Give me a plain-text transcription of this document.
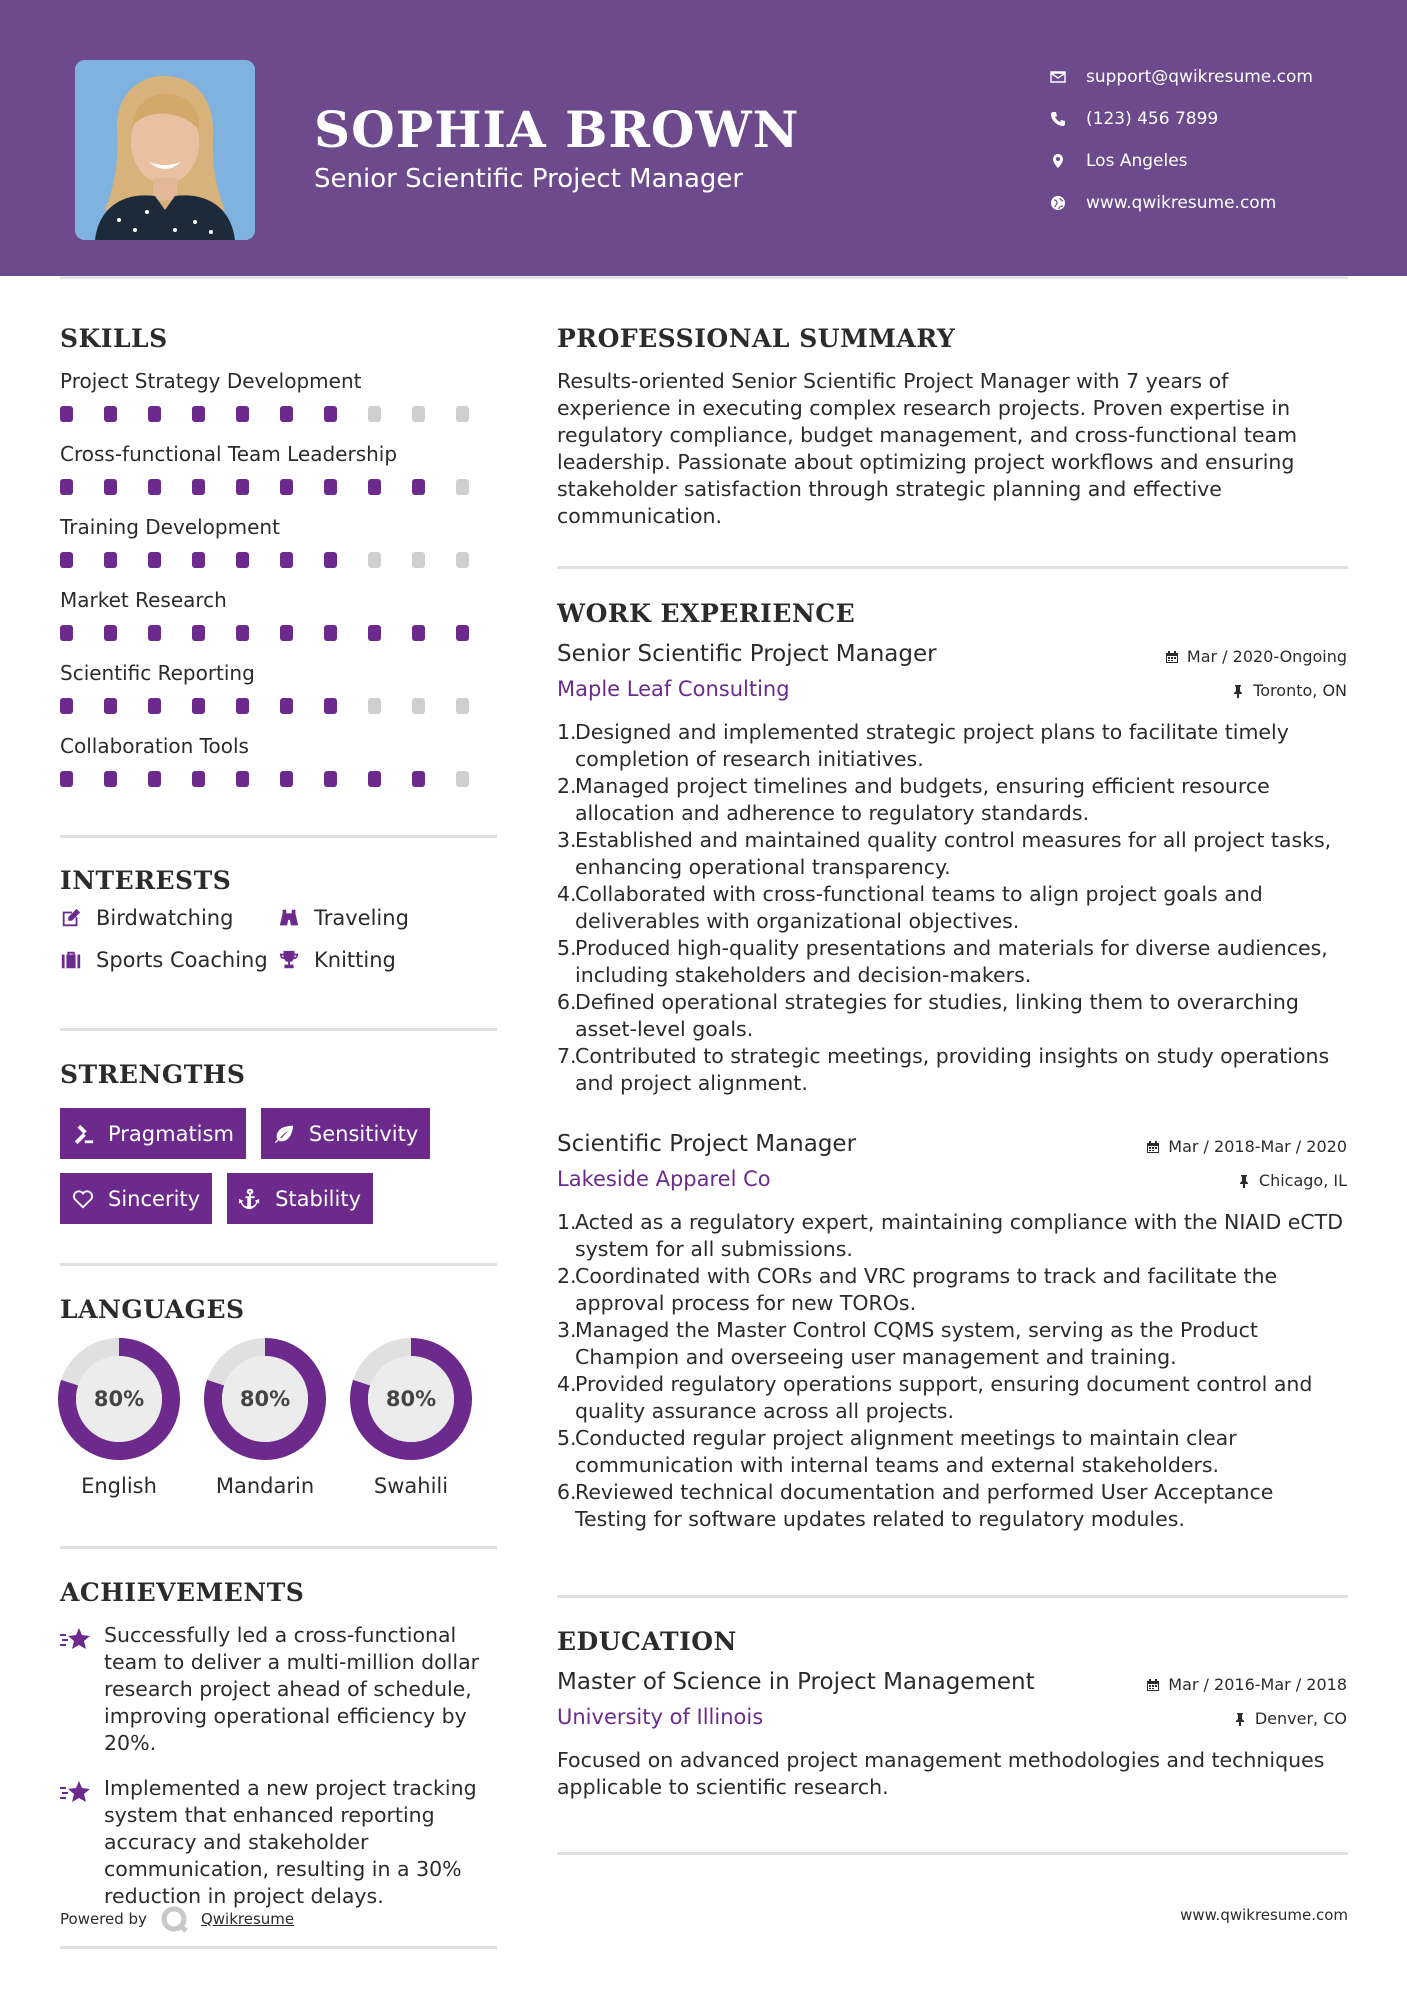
SOPHIA BROWN
Senior Scientific Project Manager
support@qwikresume.com
(123) 456 7899
Los Angeles
www.qwikresume.com
SKILLS
Project Strategy Development
Cross-functional Team Leadership
Training Development
Market Research
Scientific Reporting
Collaboration Tools
INTERESTS
Birdwatching	Traveling
Sports Coaching Knitting
STRENGTHS
Pragmatism	Sensitivity
Sincerity	Stability
LANGUAGES
80%
English
80%
Mandarin
80%
Swahili
ACHIEVEMENTS
Successfully led a cross-functional team to deliver a multi-million dollar research project ahead of schedule, improving operational efficiency by 20%.
Implemented a new project tracking system that enhanced reporting accuracy and stakeholder communication, resulting in a 30% reduction in project delays.
Powered by	Qwikresume
PROFESSIONAL SUMMARY
Results-oriented Senior Scientific Project Manager with 7 years of experience in executing complex research projects. Proven expertise in regulatory compliance, budget management, and cross-functional team leadership. Passionate about optimizing project workflows and ensuring stakeholder satisfaction through strategic planning and effective communication.
WORK EXPERIENCE
Senior Scientific Project Manager	Mar / 2020-Ongoing
Maple Leaf Consulting	Toronto, ON
1.
Designed and implemented strategic project plans to facilitate timely completion of research initiatives.
2.
Managed project timelines and budgets, ensuring efficient resource allocation and adherence to regulatory standards.
3.
Established and maintained quality control measures for all project tasks, enhancing operational transparency.
4.
Collaborated with cross-functional teams to align project goals and deliverables with organizational objectives.
5.
Produced high-quality presentations and materials for diverse audiences, including stakeholders and decision-makers.
6.
Defined operational strategies for studies, linking them to overarching asset-level goals.
7.
Contributed to strategic meetings, providing insights on study operations and project alignment.
Scientific Project Manager	Mar / 2018-Mar / 2020
Lakeside Apparel Co	Chicago, IL
1.
Acted as a regulatory expert, maintaining compliance with the NIAID eCTD system for all submissions.
2.
Coordinated with CORs and VRC programs to track and facilitate the approval process for new TOROs.
3.
Managed the Master Control CQMS system, serving as the Product Champion and overseeing user management and training.
4.
Provided regulatory operations support, ensuring document control and quality assurance across all projects.
5.
Conducted regular project alignment meetings to maintain clear communication with internal teams and external stakeholders.
6.
Reviewed technical documentation and performed User Acceptance Testing for software updates related to regulatory modules.
EDUCATION
Master of Science in Project Management	Mar / 2016-Mar / 2018
University of Illinois	Denver, CO
Focused on advanced project management methodologies and techniques applicable to scientific research.
www.qwikresume.com
